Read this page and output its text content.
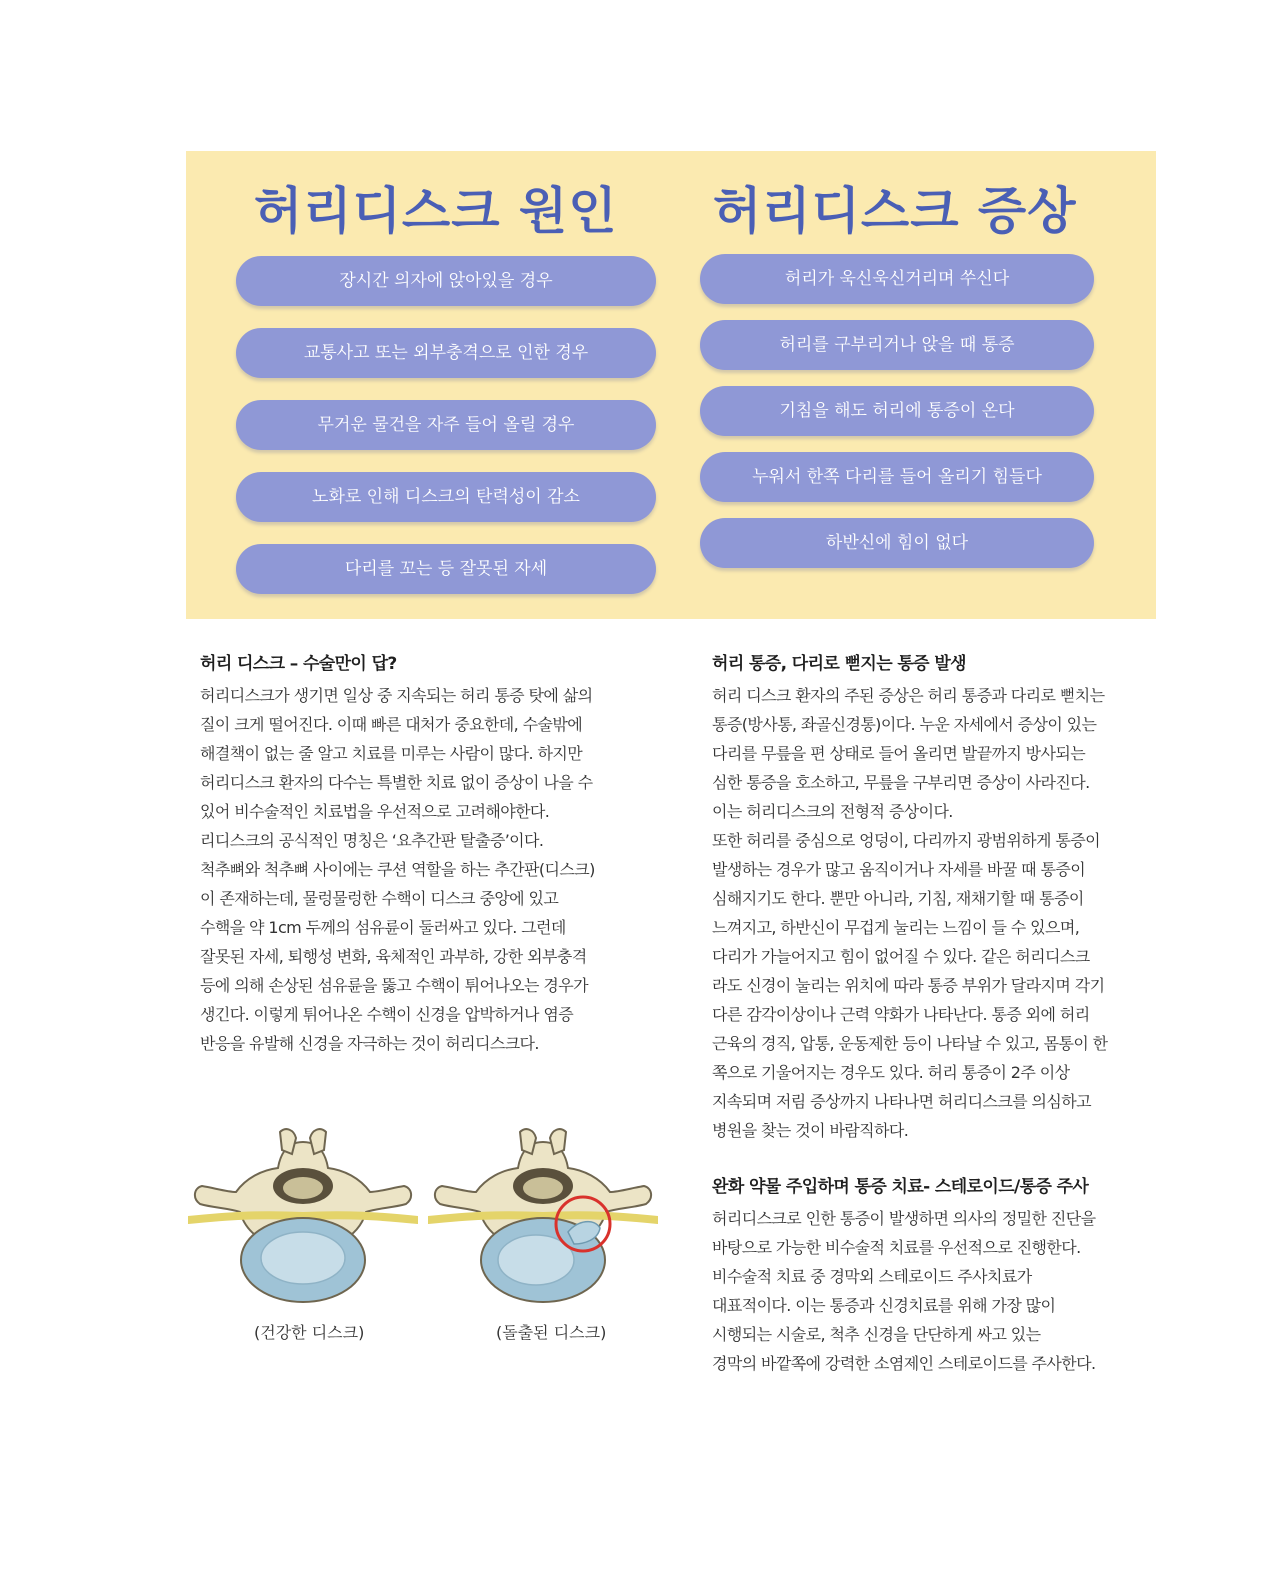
허리디스크 원인 허리디스크 증상
장시간 의자에 앉아있을 경우
교통사고 또는 외부충격으로 인한 경우
무거운 물건을 자주 들어 올릴 경우
노화로 인해 디스크의 탄력성이 감소
다리를 꼬는 등 잘못된 자세
허리가 욱신욱신거리며 쑤신다
허리를 구부리거나 앉을 때 통증
기침을 해도 허리에 통증이 온다
누워서 한쪽 다리를 들어 올리기 힘들다
하반신에 힘이 없다
허리 디스크 – 수술만이 답?

허리디스크가 생기면 일상 중 지속되는 허리 통증 탓에 삶의
질이 크게 떨어진다. 이때 빠른 대처가 중요한데, 수술밖에
해결책이 없는 줄 알고 치료를 미루는 사람이 많다. 하지만
허리디스크 환자의 다수는 특별한 치료 없이 증상이 나을 수
있어 비수술적인 치료법을 우선적으로 고려해야한다.
리디스크의 공식적인 명칭은 ‘요추간판 탈출증’이다.
척추뼈와 척추뼈 사이에는 쿠션 역할을 하는 추간판(디스크)
이 존재하는데, 물렁물렁한 수핵이 디스크 중앙에 있고
수핵을 약 1cm 두께의 섬유륜이 둘러싸고 있다. 그런데
잘못된 자세, 퇴행성 변화, 육체적인 과부하, 강한 외부충격
등에 의해 손상된 섬유륜을 뚫고 수핵이 튀어나오는 경우가
생긴다. 이렇게 튀어나온 수핵이 신경을 압박하거나 염증
반응을 유발해 신경을 자극하는 것이 허리디스크다.

허리 통증, 다리로 뻗지는 통증 발생

허리 디스크 환자의 주된 증상은 허리 통증과 다리로 뻗치는
통증(방사통, 좌골신경통)이다. 누운 자세에서 증상이 있는
다리를 무릎을 편 상태로 들어 올리면 발끝까지 방사되는
심한 통증을 호소하고, 무릎을 구부리면 증상이 사라진다.
이는 허리디스크의 전형적 증상이다.
또한 허리를 중심으로 엉덩이, 다리까지 광범위하게 통증이
발생하는 경우가 많고 움직이거나 자세를 바꿀 때 통증이
심해지기도 한다. 뿐만 아니라, 기침, 재채기할 때 통증이
느껴지고, 하반신이 무겁게 눌리는 느낌이 들 수 있으며,
다리가 가늘어지고 힘이 없어질 수 있다. 같은 허리디스크
라도 신경이 눌리는 위치에 따라 통증 부위가 달라지며 각기
다른 감각이상이나 근력 약화가 나타난다. 통증 외에 허리
근육의 경직, 압통, 운동제한 등이 나타날 수 있고, 몸통이 한
쪽으로 기울어지는 경우도 있다. 허리 통증이 2주 이상
지속되며 저림 증상까지 나타나면 허리디스크를 의심하고
병원을 찾는 것이 바람직하다.

완화 약물 주입하며 통증 치료- 스테로이드/통증 주사

허리디스크로 인한 통증이 발생하면 의사의 정밀한 진단을
바탕으로 가능한 비수술적 치료를 우선적으로 진행한다.
비수술적 치료 중 경막외 스테로이드 주사치료가
대표적이다. 이는 통증과 신경치료를 위해 가장 많이
시행되는 시술로, 척추 신경을 단단하게 싸고 있는
경막의 바깥쪽에 강력한 소염제인 스테로이드를 주사한다.

(건강한 디스크)	(돌출된 디스크)
